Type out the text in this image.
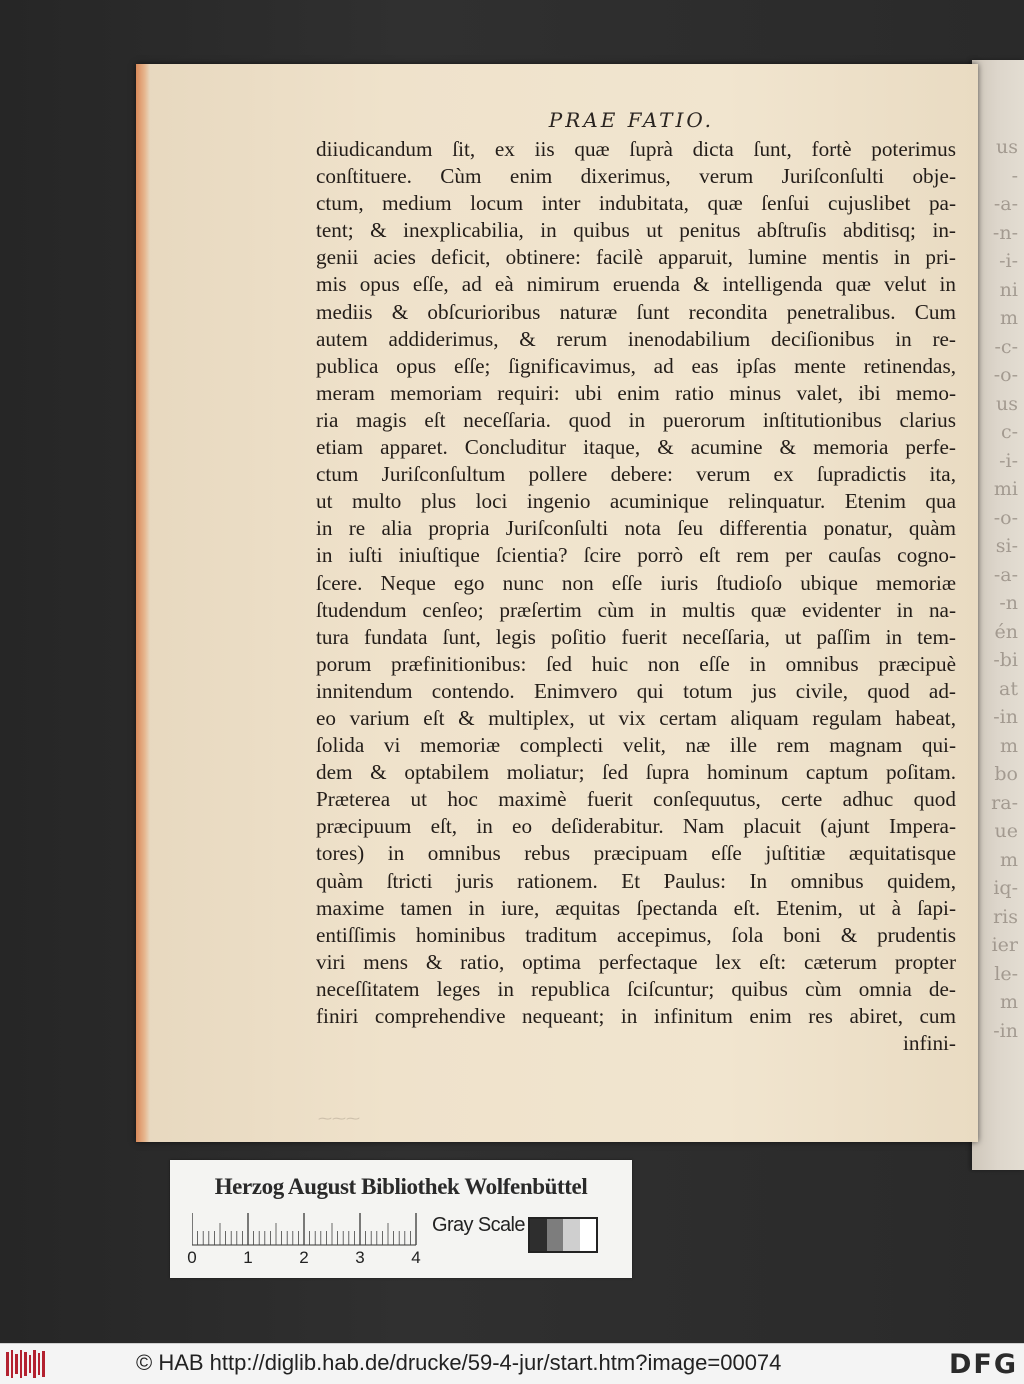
us
-
-a-
-n-
-i-
ni
m
-c-
-o-
us
c-
-i-
mi
-o-
si-
-a-
-n
én
-bi
at
-in
m
bo
ra-
ue
m
iq-
ris
ier
le-
m
-in
PRAE FATIO.
diiudicandum ſit, ex iis quæ ſuprà dicta ſunt, fortè poterimus
conſtituere. Cùm enim dixerimus, verum Juriſconſulti obje-
ctum, medium locum inter indubitata, quæ ſenſui cujuslibet pa-
tent; & inexplicabilia, in quibus ut penitus abſtruſis abditisq; in-
genii acies deficit, obtinere: facilè apparuit, lumine mentis in pri-
mis opus eſſe, ad eà nimirum eruenda & intelligenda quæ velut in
mediis & obſcurioribus naturæ ſunt recondita penetralibus. Cum
autem addiderimus, & rerum inenodabilium deciſionibus in re-
publica opus eſſe; ſignificavimus, ad eas ipſas mente retinendas,
meram memoriam requiri: ubi enim ratio minus valet, ibi memo-
ria magis eſt neceſſaria. quod in puerorum inſtitutionibus clarius
etiam apparet. Concluditur itaque, & acumine & memoria perfe-
ctum Juriſconſultum pollere debere: verum ex ſupradictis ita,
ut multo plus loci ingenio acuminique relinquatur. Etenim qua
in re alia propria Juriſconſulti nota ſeu differentia ponatur, quàm
in iuſti iniuſtique ſcientia? ſcire porrò eſt rem per cauſas cogno-
ſcere. Neque ego nunc non eſſe iuris ſtudioſo ubique memoriæ
ſtudendum cenſeo; præſertim cùm in multis quæ evidenter in na-
tura fundata ſunt, legis poſitio fuerit neceſſaria, ut paſſim in tem-
porum præfinitionibus: ſed huic non eſſe in omnibus præcipuè
innitendum contendo. Enimvero qui totum jus civile, quod ad-
eo varium eſt & multiplex, ut vix certam aliquam regulam habeat,
ſolida vi memoriæ complecti velit, næ ille rem magnam qui-
dem & optabilem moliatur; ſed ſupra hominum captum poſitam.
Præterea ut hoc maximè fuerit conſequutus, certe adhuc quod
præcipuum eſt, in eo deſiderabitur. Nam placuit (ajunt Impera-
tores) in omnibus rebus præcipuam eſſe juſtitiæ æquitatisque
quàm ſtricti juris rationem. Et Paulus: In omnibus quidem,
maxime tamen in iure, æquitas ſpectanda eſt. Etenim, ut à ſapi-
entiſſimis hominibus traditum accepimus, ſola boni & prudentis
viri mens & ratio, optima perfectaque lex eſt: cæterum propter
neceſſitatem leges in republica ſciſcuntur; quibus cùm omnia de-
finiri comprehendive nequeant; in infinitum enim res abiret, cum
infini-
⁓⁓⁓
Herzog August Bibliothek Wolfenbüttel
0	1	2	3	4
Gray Scale
© HAB http://diglib.hab.de/drucke/59-4-jur/start.htm?image=00074	DFG
